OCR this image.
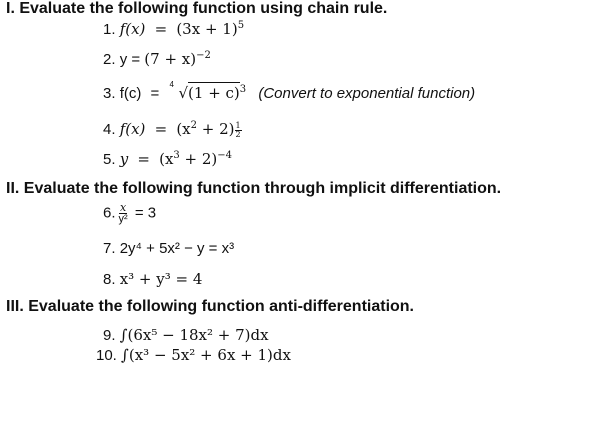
I. Evaluate the following function using chain rule.
1. $f(x) = (3x + 1)^5$
2. $y = (7 + x)^{-2}$
3. f(c) =
4 $√(1 + c)^3$ (Convert to exponential function)
4. $f(x) = (x^2 + 2) \frac{1}{2}$
5. $y = (x^3 + 2)^{-4}$
II. Evaluate the following function through implicit differentiation.
6. $\frac{x}{\text{y²}} = 3$
7. 2y⁴ + 5x² − y = x³
8. x³ + y³ = 4
III. Evaluate the following function anti-differentiation.
9. ∫(6x⁵ − 18x² + 7)dx
10. ∫(x³ − 5x² + 6x + 1)dx
